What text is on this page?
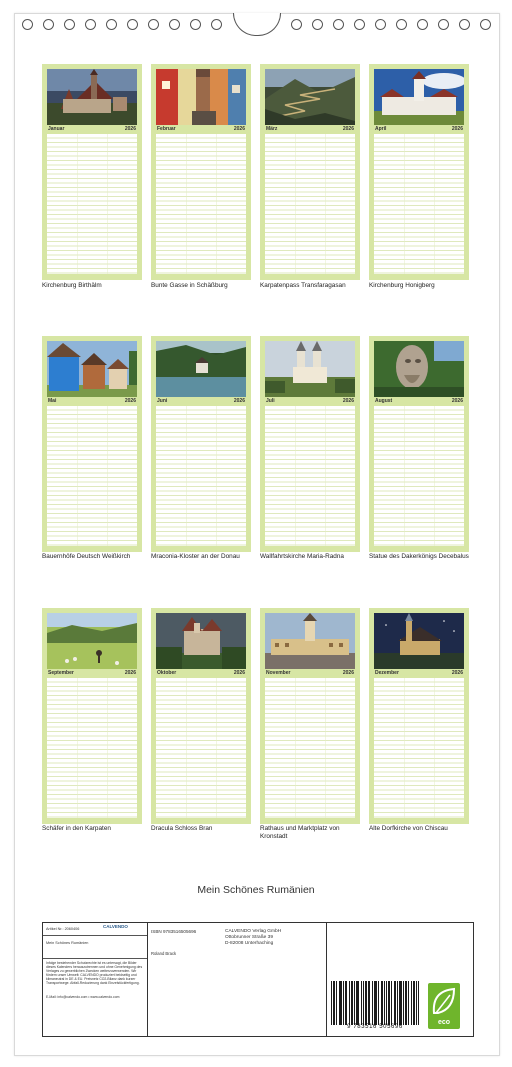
Januar	2026	Februar	2026	März	2026	April	2026
Kirchenburg Birthälm	Bunte Gasse in Schäßburg	Karpatenpass Transfaragasan	Kirchenburg Honigberg
Mai	2026	Juni	2026	Juli	2026	August	2026
Bauernhöfe Deutsch Weißkirch	Mraconia-Kloster an der Donau	Wallfahrtskirche Maria-Radna	Statue des Dakerkönigs Decebalus
September	2026	Oktober	2026	November	2026	Dezember	2026
Schäfer in den Karpaten	Dracula Schloss Bran	Rathaus und Marktplatz von Kronstadt
Alte Dorfkirche von Chiscau
Mein Schönes Rumänien
Artikel Nr.: 2060406	CALVENDO
Mein Schönes Rumänien
Infolge bestehender Schutzrechte ist es untersagt, die Bilder dieses Kalenders herauszutrennen und ohne Genehmigung des Verlages zu gewerblichen Zwecken weiterzuverwenden. Wir fördern unser Umwelt: CALVENDO produziert beidseitig und klimaneutral in DE & EU. Preisnetz CO2-Bilanz dank kurzer Transportwege. Abfall-Reduzierung dank Einzelstückfertigung.
E-Mail: info@calvendo.com • www.calvendo.com
ISBN 9783516505696
Roland Brack
CALVENDO Verlag GmbH
Ottobrunner Straße 39
D-82008 Unterhaching
9 783516 505696
eco
